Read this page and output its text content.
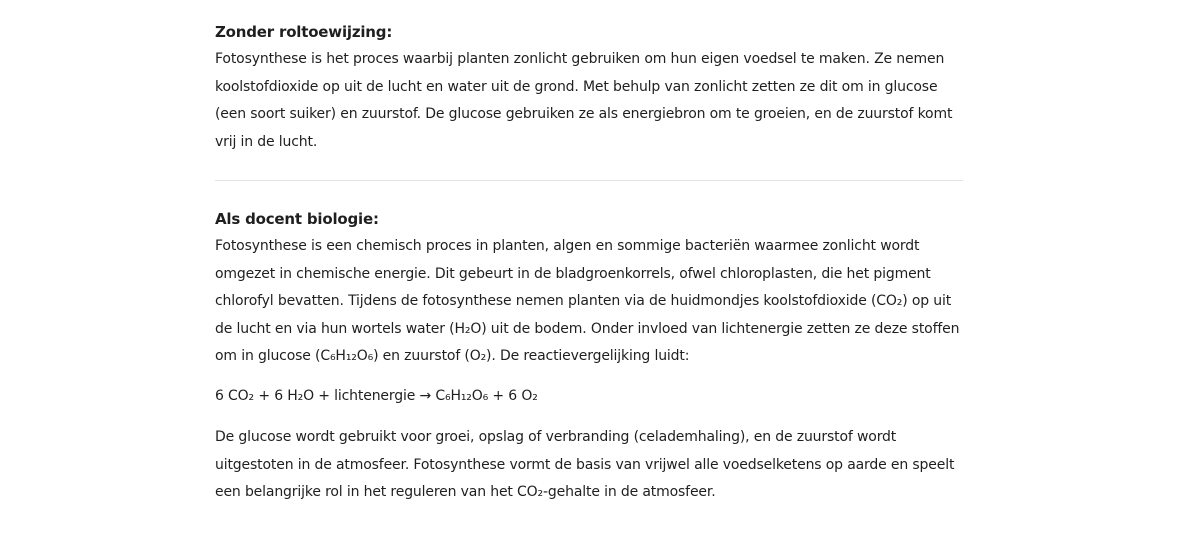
Zonder roltoewijzing:

Fotosynthese is het proces waarbij planten zonlicht gebruiken om hun eigen voedsel te maken. Ze nemen koolstofdioxide op uit de lucht en water uit de grond. Met behulp van zonlicht zetten ze dit om in glucose (een soort suiker) en zuurstof. De glucose gebruiken ze als energiebron om te groeien, en de zuurstof komt vrij in de lucht.

Als docent biologie:

Fotosynthese is een chemisch proces in planten, algen en sommige bacteriën waarmee zonlicht wordt omgezet in chemische energie. Dit gebeurt in de bladgroenkorrels, ofwel chloroplasten, die het pigment chlorofyl bevatten. Tijdens de fotosynthese nemen planten via de huidmondjes koolstofdioxide (CO₂) op uit de lucht en via hun wortels water (H₂O) uit de bodem. Onder invloed van lichtenergie zetten ze deze stoffen om in glucose (C₆H₁₂O₆) en zuurstof (O₂). De reactievergelijking luidt:

6 CO₂ + 6 H₂O + lichtenergie → C₆H₁₂O₆ + 6 O₂

De glucose wordt gebruikt voor groei, opslag of verbranding (celademhaling), en de zuurstof wordt uitgestoten in de atmosfeer. Fotosynthese vormt de basis van vrijwel alle voedselketens op aarde en speelt een belangrijke rol in het reguleren van het CO₂-gehalte in de atmosfeer.
